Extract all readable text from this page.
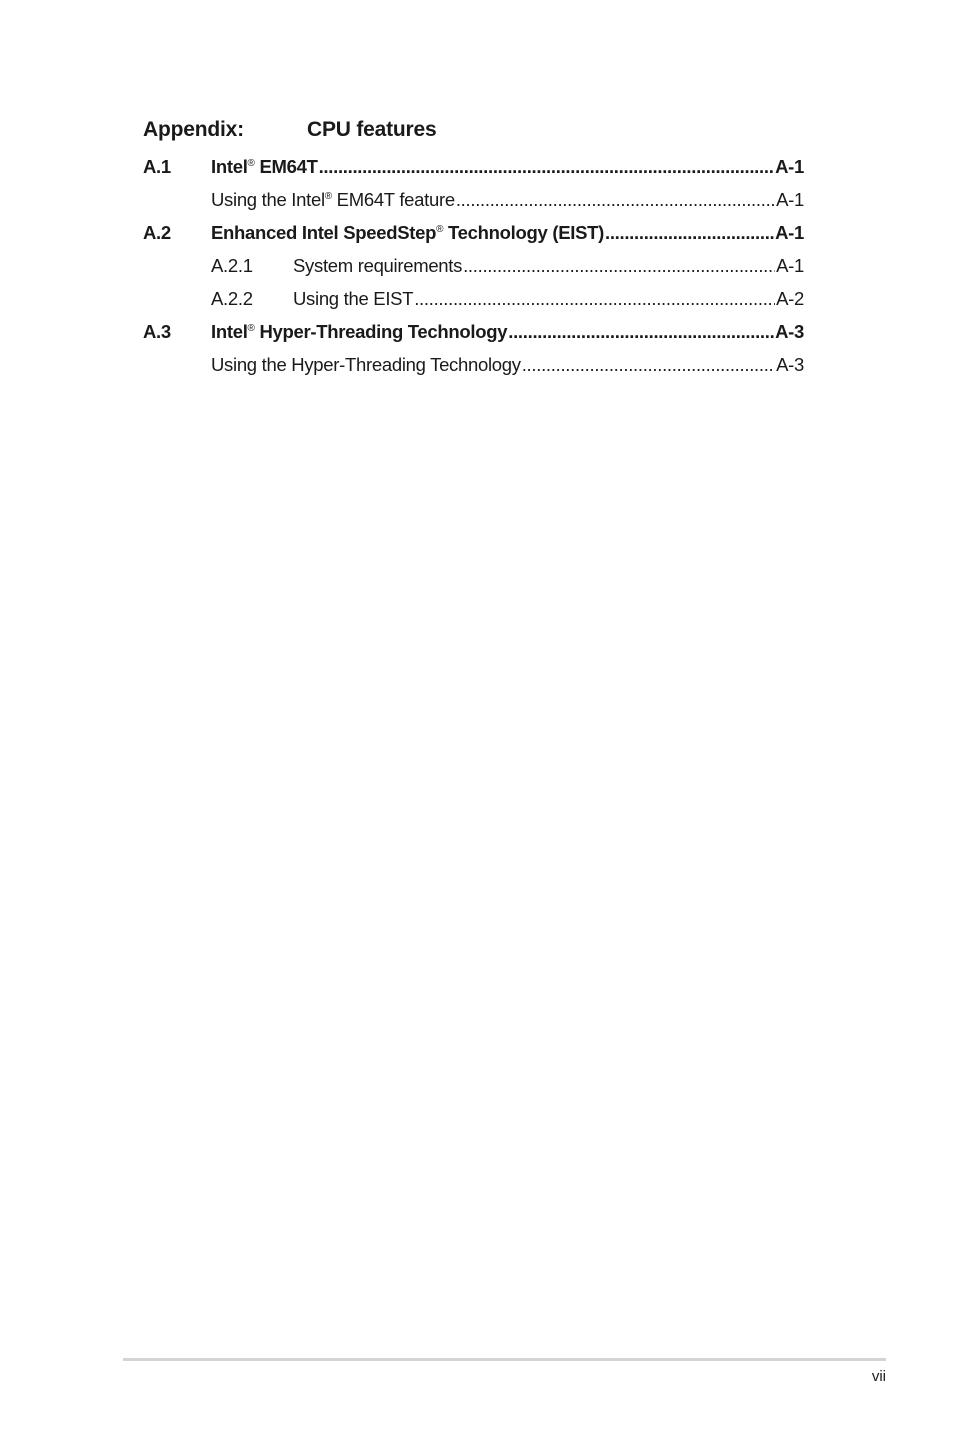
Appendix:	CPU features
A.1 Intel® EM64T .....	A-1
Using the Intel® EM64T feature .....	A-1
A.2 Enhanced Intel SpeedStep® Technology (EIST) .....	A-1
A.2.1 System requirements .....	A-1
A.2.2 Using the EIST .....	A-2
A.3 Intel® Hyper-Threading Technology .....	A-3
Using the Hyper-Threading Technology .....	A-3
vii
